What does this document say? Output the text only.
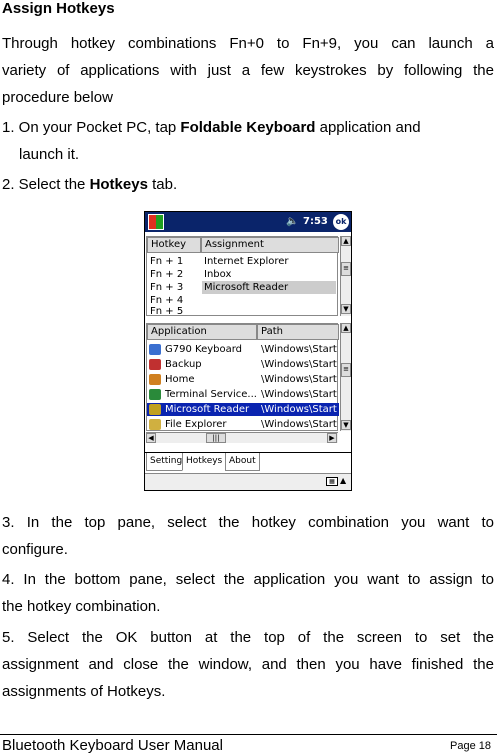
Assign Hotkeys
Through hotkey combinations Fn+0 to Fn+9, you can launch a
variety of applications with just a few keystrokes by following the
procedure below
1. On your Pocket PC, tap Foldable Keyboard application and
launch it.
2. Select the Hotkeys tab.
🔈 7:53 ok
Hotkey	Assignment
Fn + 1 Internet Explorer
Fn + 2 Inbox
Fn + 3 Microsoft Reader
Fn + 4
Fn + 5
▲
≡
▼
Application	Path
G790 Keyboard \Windows\Start
Backup	\Windows\Start
Home	\Windows\Start
Terminal Service... \Windows\Start
Microsoft Reader \Windows\Start
File Explorer	\Windows\Start
▲
≡
▼
◀	|||	▶
Setting Hotkeys About
▦ ▲
3. In the top pane, select the hotkey combination you want to
configure.
4. In the bottom pane, select the application you want to assign to
the hotkey combination.
5. Select the OK button at the top of the screen to set the
assignment and close the window, and then you have finished the
assignments of Hotkeys.
Bluetooth Keyboard User Manual	Page 18
